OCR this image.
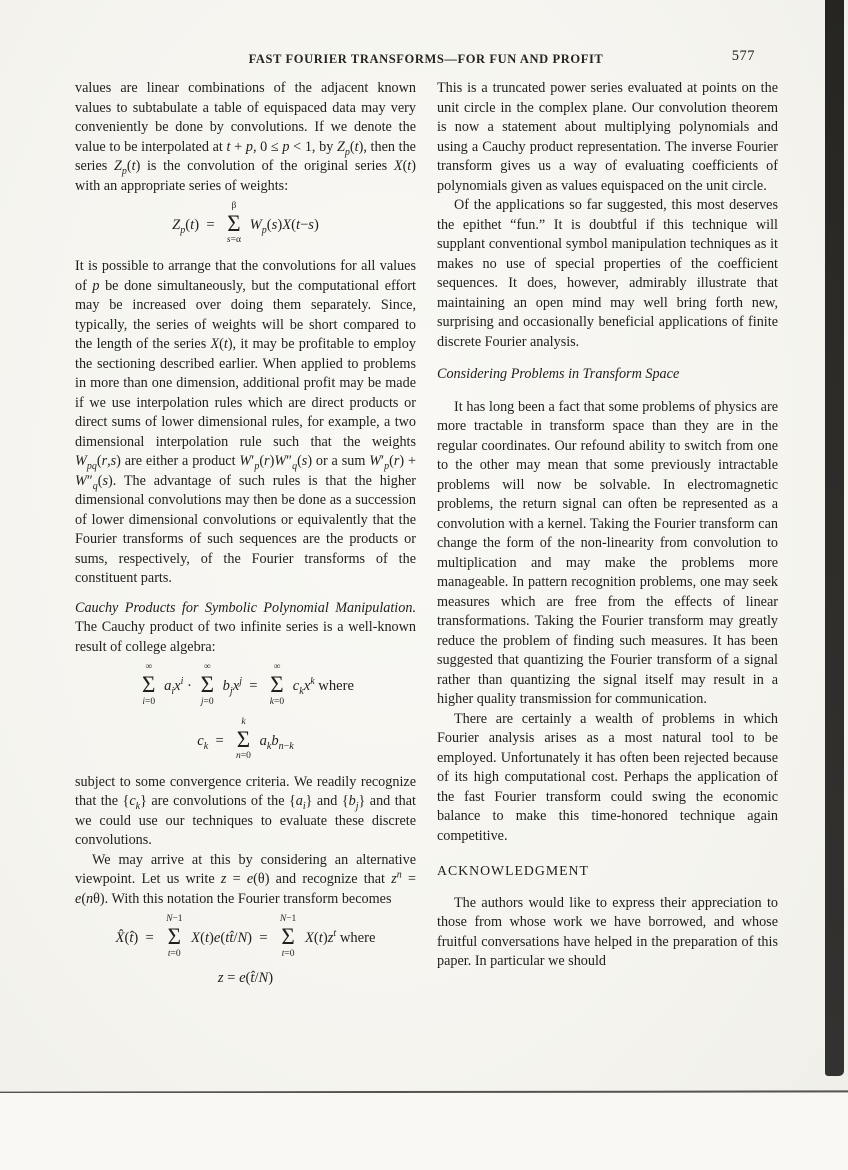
FAST FOURIER TRANSFORMS—FOR FUN AND PROFIT	577

values are linear combinations of the adjacent known values to subtabulate a table of equispaced data may very conveniently be done by convolutions. If we denote the value to be interpolated at t + p, 0 ≤ p < 1, by $Z_p(t)$, then the series $Z_p(t)$ is the convolution of the original series X(t) with an appropriate series of weights:

$Z_p(t)$  =
β
Σ
s=α
$W_p(s)X(t-s)$

It is possible to arrange that the convolutions for all values of p be done simultaneously, but the computational effort may be increased over doing them separately. Since, typically, the series of weights will be short compared to the length of the series X(t), it may be profitable to employ the sectioning described earlier. When applied to problems in more than one dimension, additional profit may be made if we use interpolation rules which are direct products or direct sums of lower dimensional rules, for example, a two dimensional interpolation rule such that the weights $W_{pq}(r,s)$ are either a product $W'_p(r)W''_q(s)$ or a sum $W'_p(r) + W''_q(s)$. The advantage of such rules is that the higher dimensional convolutions may then be done as a succession of lower dimensional convolutions or equivalently that the Fourier transforms of such sequences are the products or sums, respectively, of the Fourier transforms of the constituent parts.

Cauchy Products for Symbolic Polynomial Manipulation. The Cauchy product of two infinite series is a well-known result of college algebra:

∞
Σ
i=0
$a_ix^i$ ·
∞
Σ
j=0
$b_jx^j$  =
∞
Σ
k=0
$c_kx^k$ where
$c_k$  =
k
Σ
n=0
$a_kb_{n-k}$

subject to some convergence criteria. We readily recognize that the $\{c_k\}$ are convolutions of the $\{a_i\}$ and $\{b_j\}$ and that we could use our techniques to evaluate these discrete convolutions.

We may arrive at this by considering an alternative viewpoint. Let us write z = e(θ) and recognize that $z^n = e(n\theta)$. With this notation the Fourier transform becomes

X̂(t̂)  =
N−1
Σ
t=0
X(t)e(tt̂/N)  =
N−1
Σ
t=0
$X(t)z^t$ where
z = e(t̂/N)

This is a truncated power series evaluated at points on the unit circle in the complex plane. Our convolution theorem is now a statement about multiplying polynomials and using a Cauchy product representation. The inverse Fourier transform gives us a way of evaluating coefficients of polynomials given as values equispaced on the unit circle.

Of the applications so far suggested, this most deserves the epithet “fun.” It is doubtful if this technique will supplant conventional symbol manipulation techniques as it makes no use of special properties of the coefficient sequences. It does, however, admirably illustrate that maintaining an open mind may well bring forth new, surprising and occasionally beneficial applications of finite discrete Fourier analysis.

Considering Problems in Transform Space

It has long been a fact that some problems of physics are more tractable in transform space than they are in the regular coordinates. Our refound ability to switch from one to the other may mean that some previously intractable problems will now be solvable. In electromagnetic problems, the return signal can often be represented as a convolution with a kernel. Taking the Fourier transform can change the form of the non-linearity from convolution to multiplication and may make the problems more manageable. In pattern recognition problems, one may seek measures which are free from the effects of linear transformations. Taking the Fourier transform may greatly reduce the problem of finding such measures. It has been suggested that quantizing the Fourier transform of a signal rather than quantizing the signal itself may result in a higher quality transmission for communication.

There are certainly a wealth of problems in which Fourier analysis arises as a most natural tool to be employed. Unfortunately it has often been rejected because of its high computational cost. Perhaps the application of the fast Fourier transform could swing the economic balance to make this time-honored technique again competitive.

ACKNOWLEDGMENT

The authors would like to express their appreciation to those from whose work we have borrowed, and whose fruitful conversations have helped in the preparation of this paper. In particular we should
